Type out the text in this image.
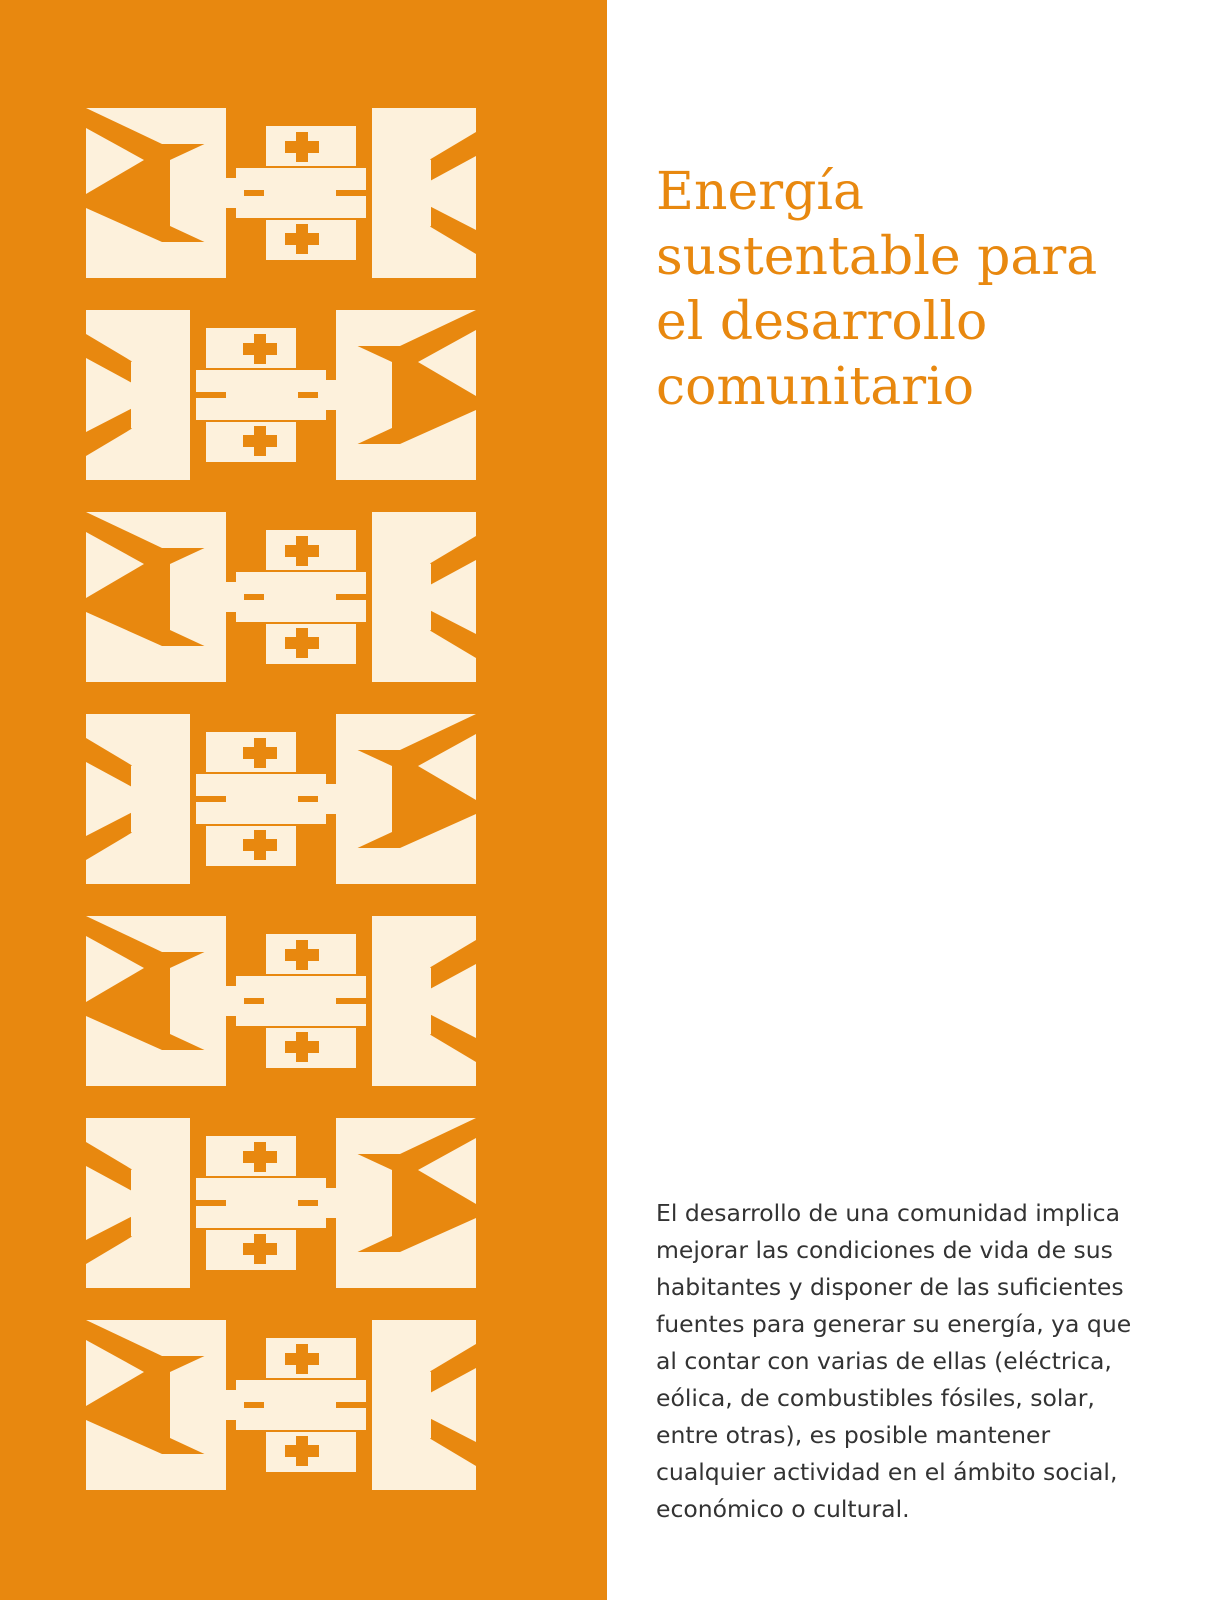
Energía
sustentable para
el desarrollo
comunitario

El desarrollo de una comunidad implica
mejorar las condiciones de vida de sus
habitantes y disponer de las suficientes
fuentes para generar su energía, ya que
al contar con varias de ellas (eléctrica,
eólica, de combustibles fósiles, solar,
entre otras), es posible mantener
cualquier actividad en el ámbito social,
económico o cultural.
